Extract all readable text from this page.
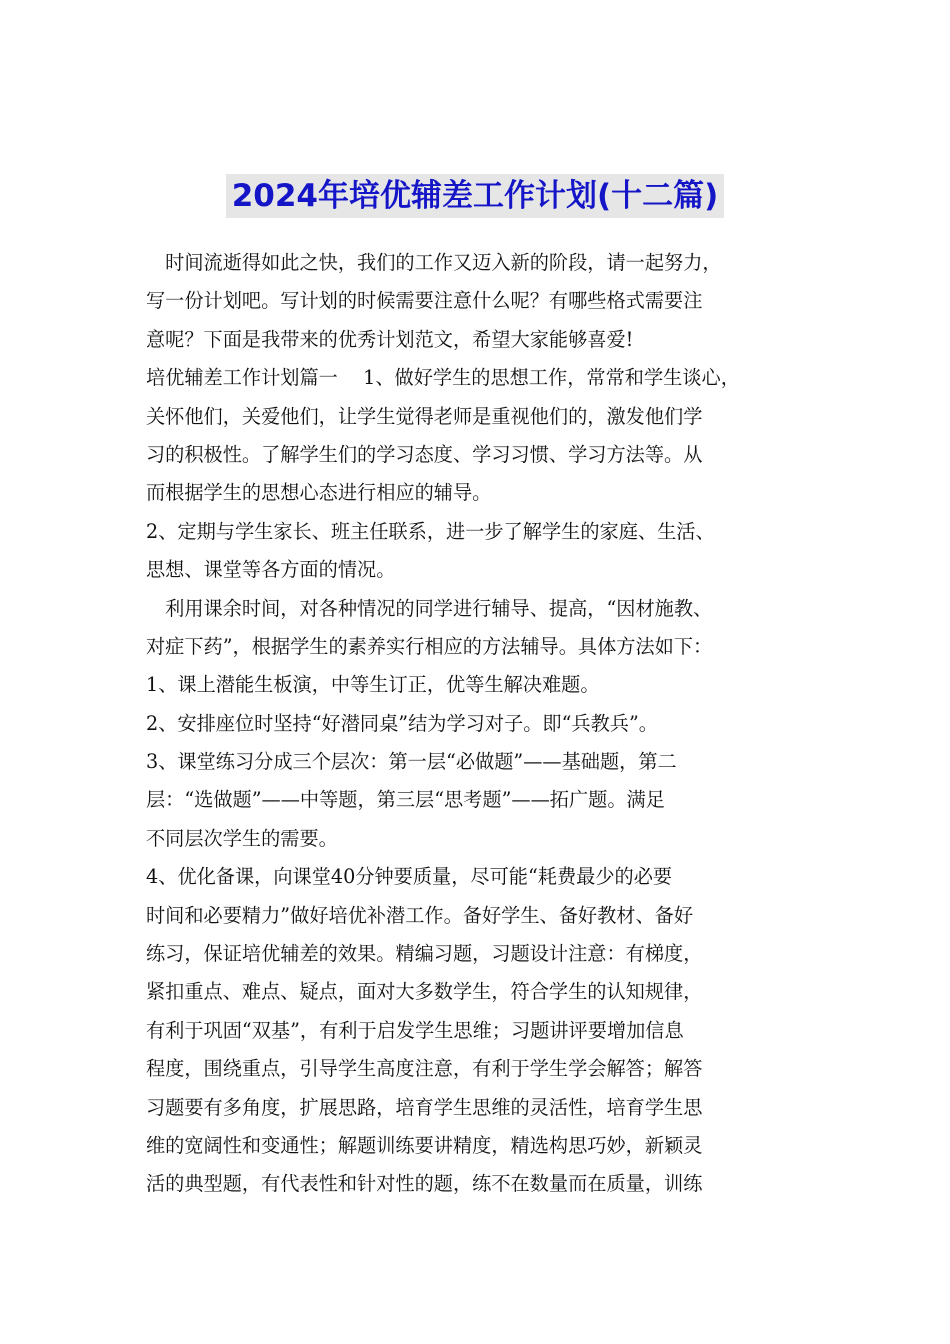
2024年培优辅差工作计划(十二篇)
　时间流逝得如此之快，我们的工作又迈入新的阶段，请一起努力，
写一份计划吧。写计划的时候需要注意什么呢？有哪些格式需要注
意呢？下面是我带来的优秀计划范文，希望大家能够喜爱!
培优辅差工作计划篇一　 1、做好学生的思想工作，常常和学生谈心，
关怀他们，关爱他们，让学生觉得老师是重视他们的，激发他们学
习的积极性。了解学生们的学习态度、学习习惯、学习方法等。从
而根据学生的思想心态进行相应的辅导。
2、定期与学生家长、班主任联系，进一步了解学生的家庭、生活、
思想、课堂等各方面的情况。
　利用课余时间，对各种情况的同学进行辅导、提高，“因材施教、
对症下药”，根据学生的素养实行相应的方法辅导。具体方法如下：
1、课上潜能生板演，中等生订正，优等生解决难题。
2、安排座位时坚持“好潜同桌”结为学习对子。即“兵教兵”。
3、课堂练习分成三个层次：第一层“必做题”——基础题，第二
层：“选做题”——中等题，第三层“思考题”——拓广题。满足
不同层次学生的需要。
4、优化备课，向课堂40分钟要质量，尽可能“耗费最少的必要
时间和必要精力”做好培优补潜工作。备好学生、备好教材、备好
练习，保证培优辅差的效果。精编习题，习题设计注意：有梯度，
紧扣重点、难点、疑点，面对大多数学生，符合学生的认知规律，
有利于巩固“双基”，有利于启发学生思维；习题讲评要增加信息
程度，围绕重点，引导学生高度注意，有利于学生学会解答；解答
习题要有多角度，扩展思路，培育学生思维的灵活性，培育学生思
维的宽阔性和变通性；解题训练要讲精度，精选构思巧妙，新颖灵
活的典型题，有代表性和针对性的题，练不在数量而在质量，训练
